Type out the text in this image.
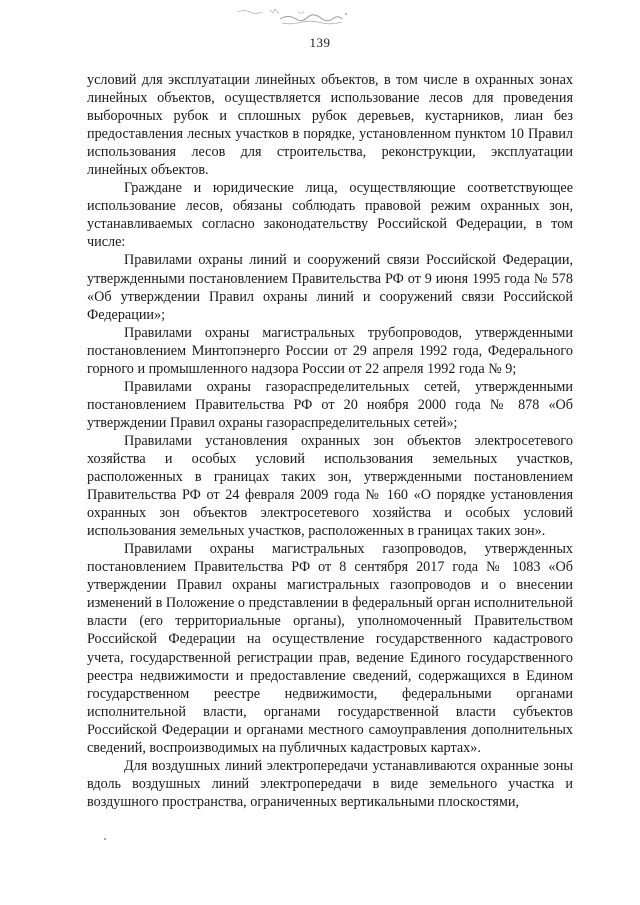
139

условий для эксплуатации линейных объектов, в том числе в охранных зонах линейных объектов, осуществляется использование лесов для проведения выборочных рубок и сплошных рубок деревьев, кустарников, лиан без предоставления лесных участков в порядке, установленном пунктом 10 Правил использования лесов для строительства, реконструкции, эксплуатации линейных объектов.

Граждане и юридические лица, осуществляющие соответствующее использование лесов, обязаны соблюдать правовой режим охранных зон, устанавливаемых согласно законодательству Российской Федерации, в том числе:

Правилами охраны линий и сооружений связи Российской Федерации, утвержденными постановлением Правительства РФ от 9 июня 1995 года № 578 «Об утверждении Правил охраны линий и сооружений связи Российской Федерации»;

Правилами охраны магистральных трубопроводов, утвержденными постановлением Минтопэнерго России от 29 апреля 1992 года, Федерального горного и промышленного надзора России от 22 апреля 1992 года № 9;

Правилами охраны газораспределительных сетей, утвержденными постановлением Правительства РФ от 20 ноября 2000 года № 878 «Об утверждении Правил охраны газораспределительных сетей»;

Правилами установления охранных зон объектов электросетевого хозяйства и особых условий использования земельных участков, расположенных в границах таких зон, утвержденными постановлением Правительства РФ от 24 февраля 2009 года № 160 «О порядке установления охранных зон объектов электросетевого хозяйства и особых условий использования земельных участков, расположенных в границах таких зон».

Правилами охраны магистральных газопроводов, утвержденных постановлением Правительства РФ от 8 сентября 2017 года № 1083 «Об утверждении Правил охраны магистральных газопроводов и о внесении изменений в Положение о представлении в федеральный орган исполнительной власти (его территориальные органы), уполномоченный Правительством Российской Федерации на осуществление государственного кадастрового учета, государственной регистрации прав, ведение Единого государственного реестра недвижимости и предоставление сведений, содержащихся в Едином государственном реестре недвижимости, федеральными органами исполнительной власти, органами государственной власти субъектов Российской Федерации и органами местного самоуправления дополнительных сведений, воспроизводимых на публичных кадастровых картах».

Для воздушных линий электропередачи устанавливаются охранные зоны вдоль воздушных линий электропередачи в виде земельного участка и воздушного пространства, ограниченных вертикальными плоскостями,
